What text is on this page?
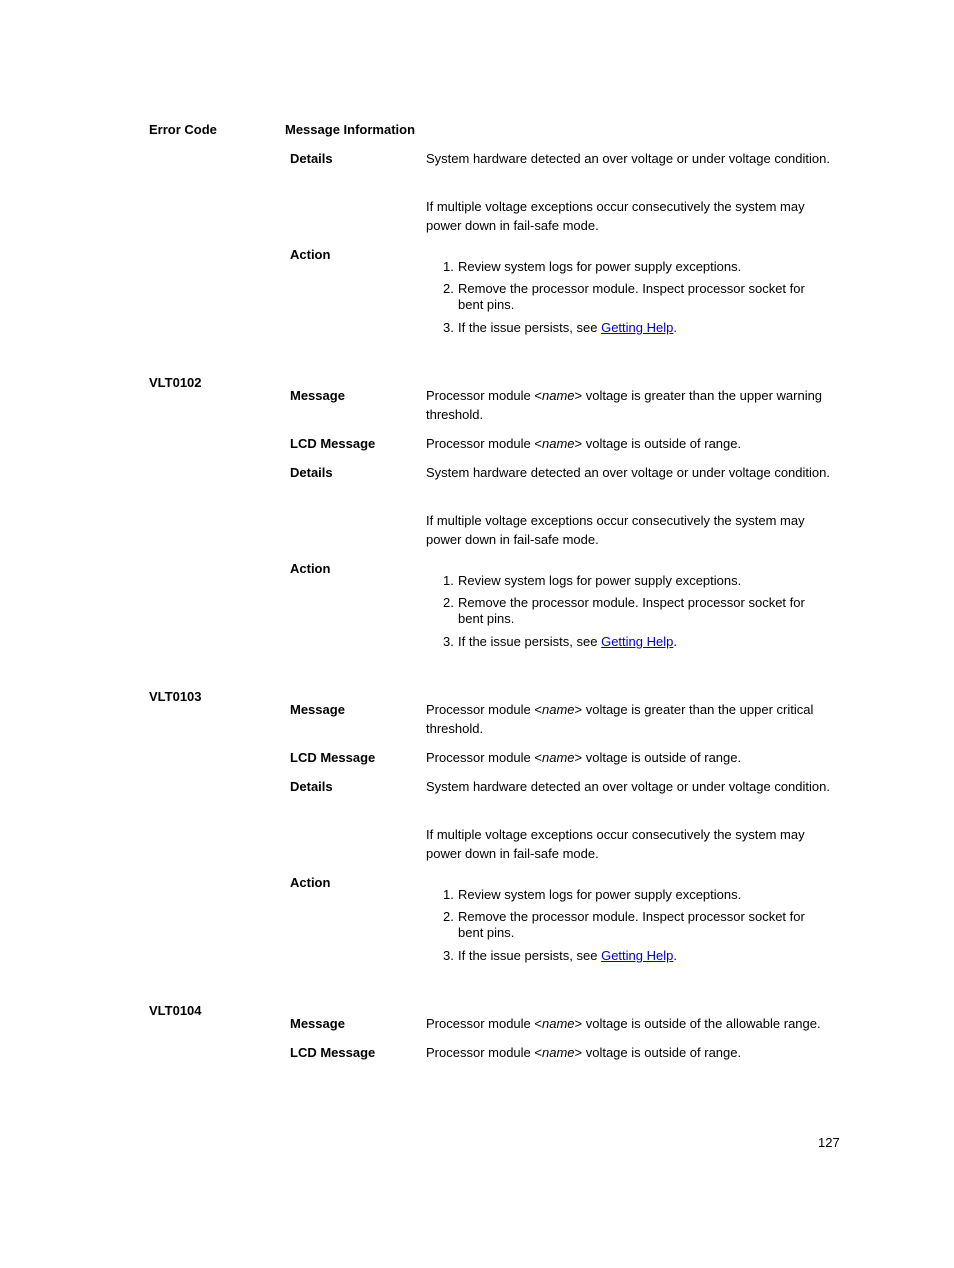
Error Code	Message Information
Details	System hardware detected an over voltage or under voltage condition.
If multiple voltage exceptions occur consecutively the system may power down in fail-safe mode.
Action
1. Review system logs for power supply exceptions.
2. Remove the processor module. Inspect processor socket for bent pins.
3. If the issue persists, see Getting Help.
VLT0102
Message	Processor module <name> voltage is greater than the upper warning threshold.
LCD Message	Processor module <name> voltage is outside of range.
Details	System hardware detected an over voltage or under voltage condition.
If multiple voltage exceptions occur consecutively the system may power down in fail-safe mode.
Action
1. Review system logs for power supply exceptions.
2. Remove the processor module. Inspect processor socket for bent pins.
3. If the issue persists, see Getting Help.
VLT0103
Message	Processor module <name> voltage is greater than the upper critical threshold.
LCD Message	Processor module <name> voltage is outside of range.
Details	System hardware detected an over voltage or under voltage condition.
If multiple voltage exceptions occur consecutively the system may power down in fail-safe mode.
Action
1. Review system logs for power supply exceptions.
2. Remove the processor module. Inspect processor socket for bent pins.
3. If the issue persists, see Getting Help.
VLT0104
Message	Processor module <name> voltage is outside of the allowable range.
LCD Message	Processor module <name> voltage is outside of range.
127
